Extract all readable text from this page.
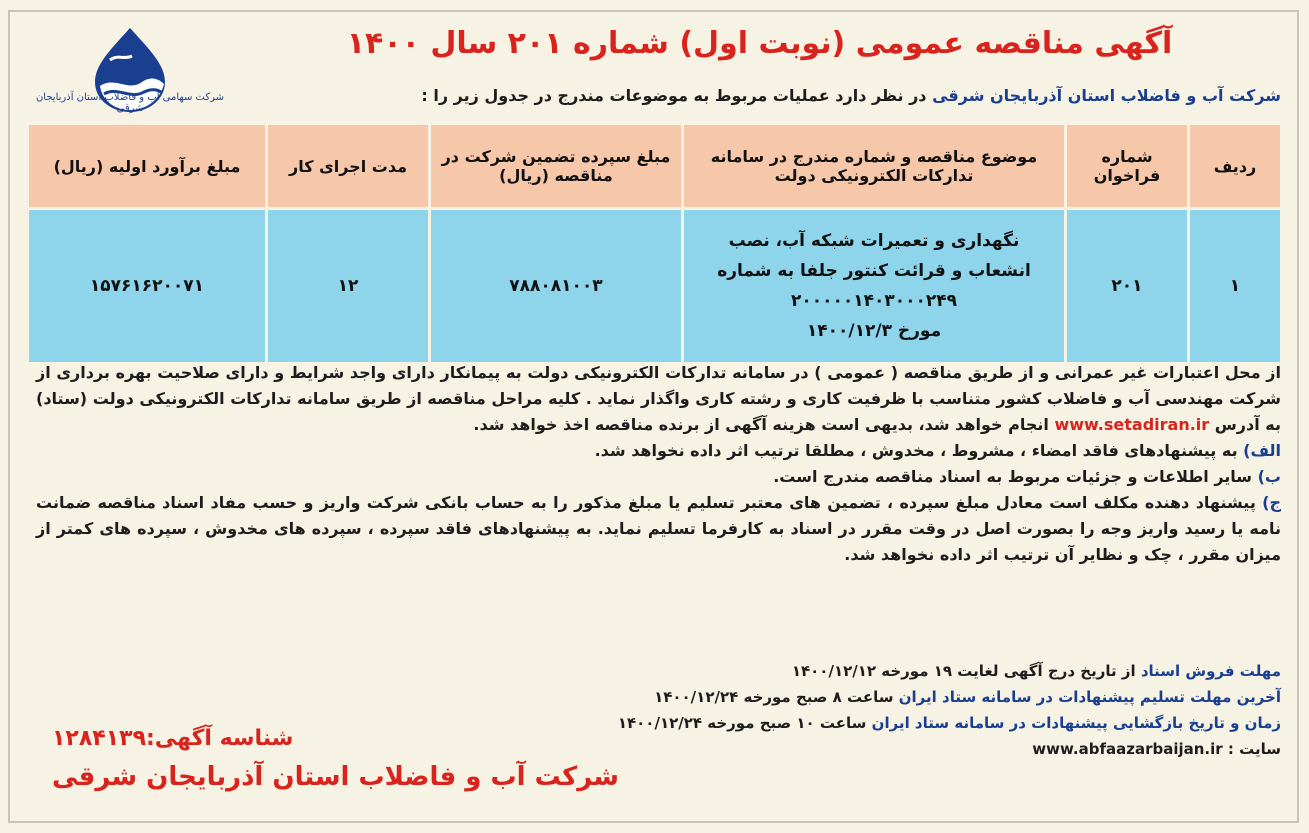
شرکت سهامی آب و فاضلاب استان آذربایجان شرقی
آگهی مناقصه عمومی (نوبت اول) شماره ۲۰۱ سال ۱۴۰۰
شرکت آب و فاضلاب استان آذربایجان شرقی در نظر دارد عملیات مربوط به موضوعات مندرج در جدول زیر را :
ردیف	شماره فراخوان	موضوع مناقصه و شماره مندرج در سامانه تدارکات الکترونیکی دولت	مبلغ سپرده تضمین شرکت در مناقصه (ریال)	مدت اجرای کار	مبلغ برآورد اولیه (ریال)
۱	۲۰۱	نگهداری و تعمیرات شبکه آب، نصب
انشعاب و قرائت کنتور جلفا به شماره
۲۰۰۰۰۰۱۴۰۳۰۰۰۲۴۹
مورخ ۱۴۰۰/۱۲/۳	۷۸۸۰۸۱۰۰۳	۱۲	۱۵۷۶۱۶۲۰۰۷۱

از محل اعتبارات غیر عمرانی و از طریق مناقصه ( عمومی ) در سامانه تدارکات الکترونیکی دولت به پیمانکار دارای واجد شرایط و دارای صلاحیت بهره برداری از شرکت مهندسی آب و فاضلاب کشور متناسب با ظرفیت کاری و رشته کاری واگذار نماید . کلیه مراحل مناقصه از طریق سامانه تدارکات الکترونیکی دولت (ستاد) به آدرس www.setadiran.ir انجام خواهد شد، بدیهی است هزینه آگهی از برنده مناقصه اخذ خواهد شد.

الف) به پیشنهادهای فاقد امضاء ، مشروط ، مخدوش ، مطلقا ترتیب اثر داده نخواهد شد.

ب) سایر اطلاعات و جزئیات مربوط به اسناد مناقصه مندرج است.

ج) پیشنهاد دهنده مکلف است معادل مبلغ سپرده ، تضمین های معتبر تسلیم یا مبلغ مذکور را به حساب بانکی شرکت واریز و حسب مفاد اسناد مناقصه ضمانت نامه یا رسید واریز وجه را بصورت اصل در وقت مقرر در اسناد به کارفرما تسلیم نماید. به پیشنهادهای فاقد سپرده ، سپرده های مخدوش ، سپرده های کمتر از میزان مقرر ، چک و نظایر آن ترتیب اثر داده نخواهد شد.

مهلت فروش اسناد از تاریخ درج آگهی لغایت ۱۹ مورخه ۱۴۰۰/۱۲/۱۲
آخرین مهلت تسلیم پیشنهادات در سامانه ستاد ایران ساعت ۸ صبح مورخه ۱۴۰۰/۱۲/۲۴
زمان و تاریخ بازگشایی پیشنهادات در سامانه ستاد ایران ساعت ۱۰ صبح مورخه ۱۴۰۰/۱۲/۲۴
سایت : www.abfaazarbaijan.ir
شناسه آگهی:۱۲۸۴۱۳۹
شرکت آب و فاضلاب استان آذربایجان شرقی
